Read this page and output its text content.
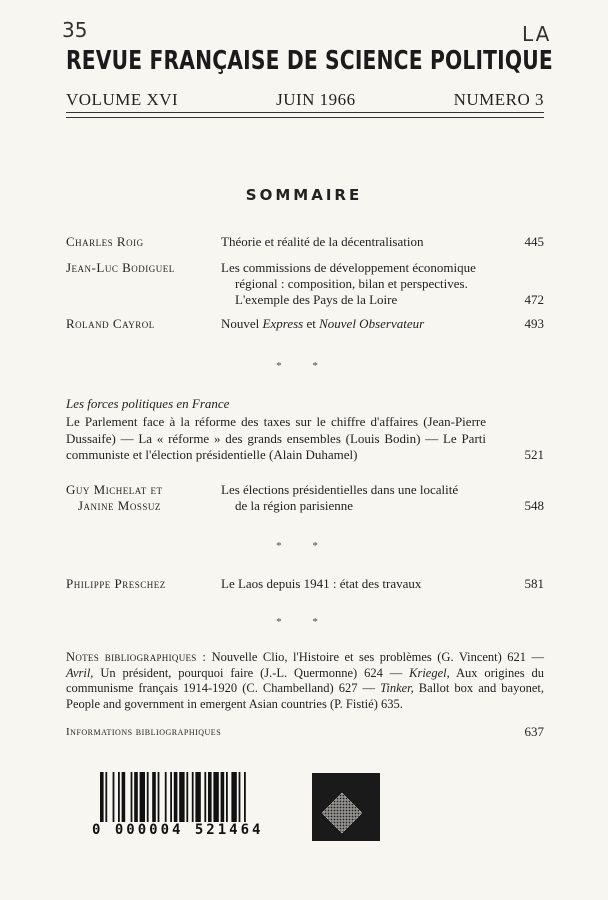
35	LA
REVUE FRANÇAISE DE SCIENCE POLITIQUE
VOLUME XVI	JUIN 1966	NUMERO 3
SOMMAIRE
Charles Roig	Théorie et réalité de la décentralisation	445
Jean-Luc Bodiguel	Les commissions de développement économique
régional : composition, bilan et perspectives.
L'exemple des Pays de la Loire	472
Roland Cayrol	Nouvel Express et Nouvel Observateur	493
* *
Les forces politiques en France
Le Parlement face à la réforme des taxes sur le chiffre d'affaires (Jean-Pierre Dussaife) — La « réforme » des grands ensembles (Louis Bodin) — Le Parti communiste et l'élection présidentielle (Alain Duhamel)	521
Guy Michelat et
Janine Mossuz
Les élections présidentielles dans une localité
de la région parisienne	548
* *
Philippe Preschez	Le Laos depuis 1941 : état des travaux	581
* *
Notes bibliographiques : Nouvelle Clio, l'Histoire et ses problèmes (G. Vincent) 621 — Avril, Un président, pourquoi faire (J.-L. Quermonne) 624 — Kriegel, Aux origines du communisme français 1914-1920 (C. Chambelland) 627 — Tinker, Ballot box and bayonet, People and government in emergent Asian countries (P. Fistié) 635.
Informations bibliographiques	637
0 000004 521464
